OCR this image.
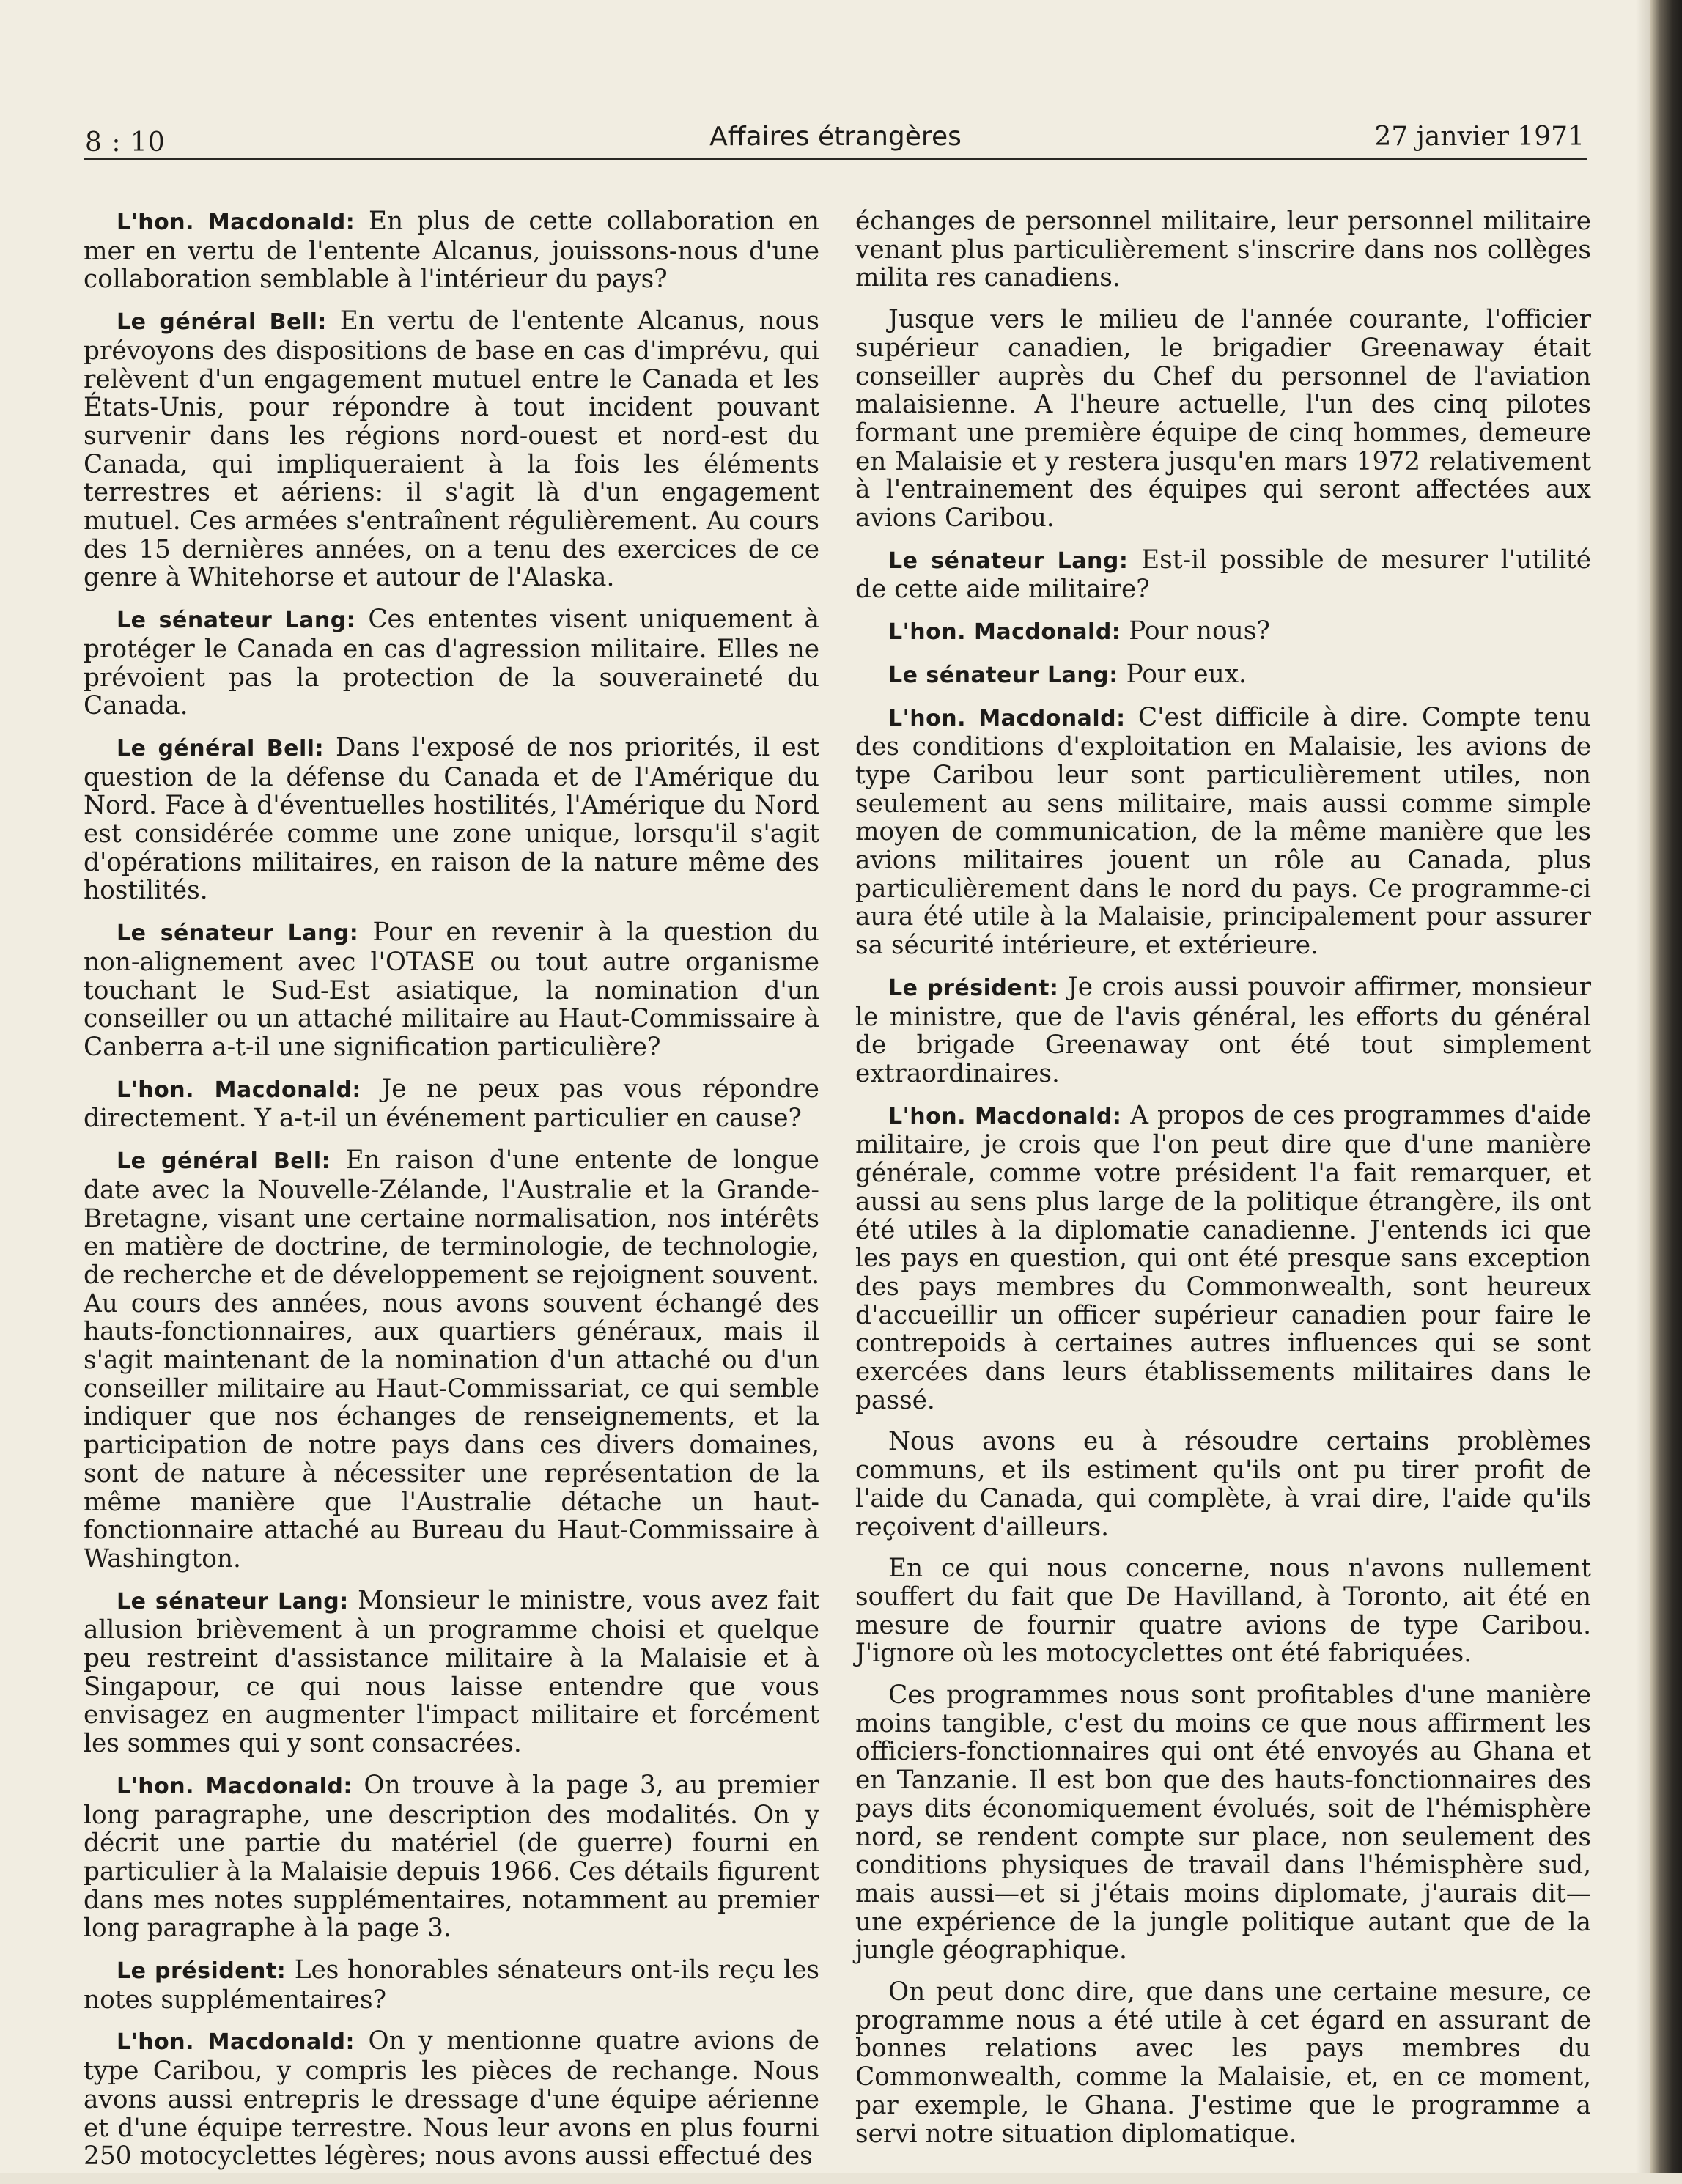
8 : 10	Affaires étrangères	27 janvier 1971

L'hon. Macdonald: En plus de cette collaboration en mer en vertu de l'entente Alcanus, jouissons-nous d'une collaboration semblable à l'intérieur du pays?

Le général Bell: En vertu de l'entente Alcanus, nous prévoyons des dispositions de base en cas d'imprévu, qui relèvent d'un engagement mutuel entre le Canada et les États-Unis, pour répondre à tout incident pouvant survenir dans les régions nord-ouest et nord-est du Canada, qui impliqueraient à la fois les éléments terrestres et aériens: il s'agit là d'un engagement mutuel. Ces armées s'entraînent régulièrement. Au cours des 15 dernières années, on a tenu des exercices de ce genre à Whitehorse et autour de l'Alaska.

Le sénateur Lang: Ces ententes visent uniquement à protéger le Canada en cas d'agression militaire. Elles ne prévoient pas la protection de la souveraineté du Canada.

Le général Bell: Dans l'exposé de nos priorités, il est question de la défense du Canada et de l'Amérique du Nord. Face à d'éventuelles hostilités, l'Amérique du Nord est considérée comme une zone unique, lorsqu'il s'agit d'opérations militaires, en raison de la nature même des hostilités.

Le sénateur Lang: Pour en revenir à la question du non-alignement avec l'OTASE ou tout autre organisme touchant le Sud-Est asiatique, la nomination d'un conseiller ou un attaché militaire au Haut-Commissaire à Canberra a-t-il une signification particulière?

L'hon. Macdonald: Je ne peux pas vous répondre directement. Y a-t-il un événement particulier en cause?

Le général Bell: En raison d'une entente de longue date avec la Nouvelle-Zélande, l'Australie et la Grande-Bretagne, visant une certaine normalisation, nos intérêts en matière de doctrine, de terminologie, de technologie, de recherche et de développement se rejoignent souvent. Au cours des années, nous avons souvent échangé des hauts-fonctionnaires, aux quartiers généraux, mais il s'agit maintenant de la nomination d'un attaché ou d'un conseiller militaire au Haut-Commissariat, ce qui semble indiquer que nos échanges de renseignements, et la participation de notre pays dans ces divers domaines, sont de nature à nécessiter une représentation de la même manière que l'Australie détache un haut-fonctionnaire attaché au Bureau du Haut-Commissaire à Washington.

Le sénateur Lang: Monsieur le ministre, vous avez fait allusion brièvement à un programme choisi et quelque peu restreint d'assistance militaire à la Malaisie et à Singapour, ce qui nous laisse entendre que vous envisagez en augmenter l'impact militaire et forcément les sommes qui y sont consacrées.

L'hon. Macdonald: On trouve à la page 3, au premier long paragraphe, une description des modalités. On y décrit une partie du matériel (de guerre) fourni en particulier à la Malaisie depuis 1966. Ces détails figurent dans mes notes supplémentaires, notamment au premier long paragraphe à la page 3.

Le président: Les honorables sénateurs ont-ils reçu les notes supplémentaires?

L'hon. Macdonald: On y mentionne quatre avions de type Caribou, y compris les pièces de rechange. Nous avons aussi entrepris le dressage d'une équipe aérienne et d'une équipe terrestre. Nous leur avons en plus fourni 250 motocyclettes légères; nous avons aussi effectué des

échanges de personnel militaire, leur personnel militaire venant plus particulièrement s'inscrire dans nos collèges milita res canadiens.

Jusque vers le milieu de l'année courante, l'officier supérieur canadien, le brigadier Greenaway était conseiller auprès du Chef du personnel de l'aviation malaisienne. A l'heure actuelle, l'un des cinq pilotes formant une première équipe de cinq hommes, demeure en Malaisie et y restera jusqu'en mars 1972 relativement à l'entrainement des équipes qui seront affectées aux avions Caribou.

Le sénateur Lang: Est-il possible de mesurer l'utilité de cette aide militaire?

L'hon. Macdonald: Pour nous?

Le sénateur Lang: Pour eux.

L'hon. Macdonald: C'est difficile à dire. Compte tenu des conditions d'exploitation en Malaisie, les avions de type Caribou leur sont particulièrement utiles, non seulement au sens militaire, mais aussi comme simple moyen de communication, de la même manière que les avions militaires jouent un rôle au Canada, plus particulièrement dans le nord du pays. Ce programme-ci aura été utile à la Malaisie, principalement pour assurer sa sécurité intérieure, et extérieure.

Le président: Je crois aussi pouvoir affirmer, monsieur le ministre, que de l'avis général, les efforts du général de brigade Greenaway ont été tout simplement extraordinaires.

L'hon. Macdonald: A propos de ces programmes d'aide militaire, je crois que l'on peut dire que d'une manière générale, comme votre président l'a fait remarquer, et aussi au sens plus large de la politique étrangère, ils ont été utiles à la diplomatie canadienne. J'entends ici que les pays en question, qui ont été presque sans exception des pays membres du Commonwealth, sont heureux d'accueillir un officer supérieur canadien pour faire le contrepoids à certaines autres influences qui se sont exercées dans leurs établissements militaires dans le passé.

Nous avons eu à résoudre certains problèmes communs, et ils estiment qu'ils ont pu tirer profit de l'aide du Canada, qui complète, à vrai dire, l'aide qu'ils reçoivent d'ailleurs.

En ce qui nous concerne, nous n'avons nullement souffert du fait que De Havilland, à Toronto, ait été en mesure de fournir quatre avions de type Caribou. J'ignore où les motocyclettes ont été fabriquées.

Ces programmes nous sont profitables d'une manière moins tangible, c'est du moins ce que nous affirment les officiers-fonctionnaires qui ont été envoyés au Ghana et en Tanzanie. Il est bon que des hauts-fonctionnaires des pays dits économiquement évolués, soit de l'hémisphère nord, se rendent compte sur place, non seulement des conditions physiques de travail dans l'hémisphère sud, mais aussi—et si j'étais moins diplomate, j'aurais dit—une expérience de la jungle politique autant que de la jungle géographique.

On peut donc dire, que dans une certaine mesure, ce programme nous a été utile à cet égard en assurant de bonnes relations avec les pays membres du Commonwealth, comme la Malaisie, et, en ce moment, par exemple, le Ghana. J'estime que le programme a servi notre situation diplomatique.
